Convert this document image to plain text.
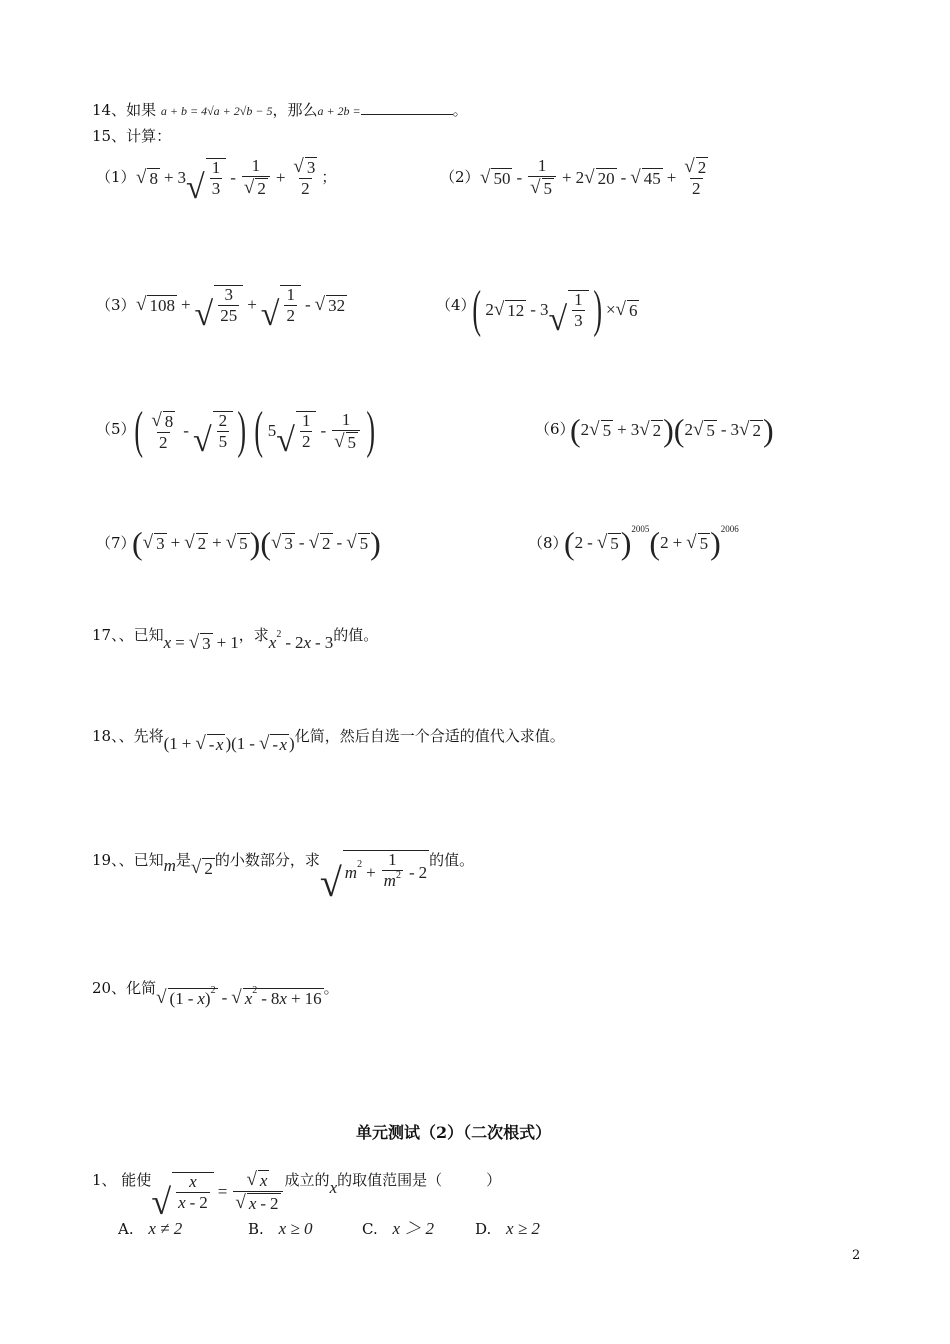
14、如果 a + b = 4√a + 2√b − 5，那么a + 2b =	。
15、计算：
（1） √ 8 + 3 √ $\frac{1}{3} - \frac{1}{√ 2} + \frac{√ 3}{2}$ ；	（2） √ $50 - \frac{1}{√ 5} + 2$ √ 20 - √ $45 + \frac{√ 2}{2}$
（3） √ 108 + √ $\frac{3}{25}$ + √ $\frac{1}{2}$ - √ 32	（4）
( 2 √ 12 - 3 √ $\frac{1}{3}$ ) × √ 6
（5）
( $\frac{√ 8}{2}$ - √ $\frac{2}{5}$ ) ( 5 √ $\frac{1}{2} - \frac{1}{√ 5}$ )	（6）
( 2 √ 5 + 3 √ 2 ) ( 2 √ 5 - 3 √ 2 )
（7）
( √ 3 + √ 2 + √ 5 ) ( √ 3 - √ 2 - √ 5 )	（8）
( 2 - √ 5 ) 2005 ( 2 + √ 5 ) 2006
17、、已知 x = √ 3 + 1 ，求 x 2 - 2 x - 3 的值。
18、、先将 (1 + √ -  x )(1 - √ -  x ) 化简，然后自选一个合适的值代入求值。
19、、已知 m 是 √ 2 的小数部分，求
√ m $2 + \frac{1}{m^2} - 2$
的值。
20、化简 √ (1 - x ) 2 - √ x 2 - 8 x + 16
。
单元测试（2）（二次根式）
1、 能使
√ $\frac{x}{x - 2} = \frac{√ x}{√ x - 2}$ 成立的 x 的取值范围是（	）
A. x ≠ 2	B. x ≥ 0	C. x ＞ 2	D. x ≥ 2
2
